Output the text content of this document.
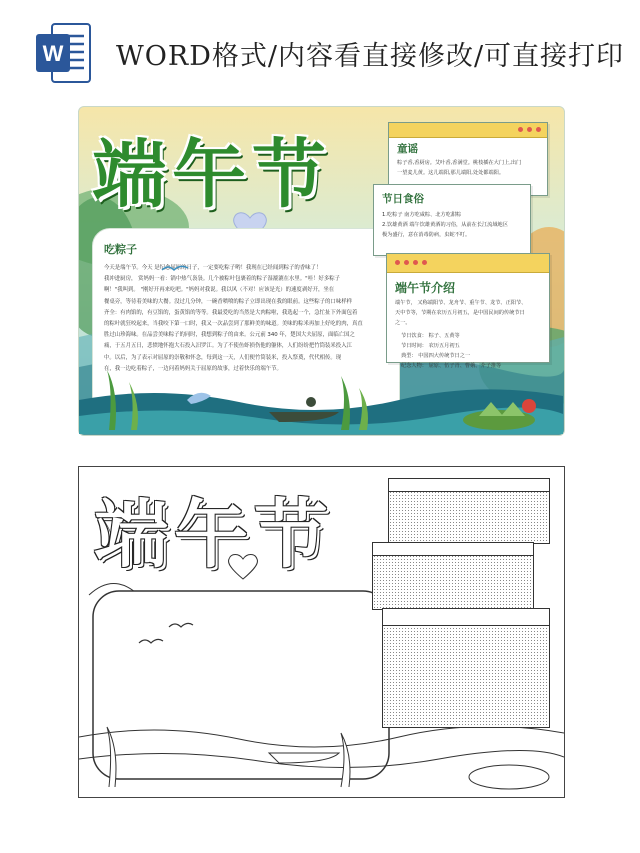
W WORD格式/内容看直接修改/可直接打印
端午节
吃粽子
今天是端午节。今天 是纪念屈原的日子，一定要吃粽子哟！我现在已经闻到粽子的香味了！
我冲进厨房， 赏妈妈一看：锅中热气袅袅。几个被粽叶包裹着的粽子湿漉漉在水里。"哇！好多粽子
啊！"我叫到。 "刚好开再来吃吧。"妈妈对我说。我以风（不对！应该是光）的速度剥好开，坐在
餐桌旁，等待着美味的大餐。没过几分钟，一碗香喷喷的粽子立即出现在我的眼前。这些粽子的口味样样
齐全：有肉馅的，有豆馅的，蛋黄馅的等等。我最爱吃的当然是大肉粽啦，我选起一个，急忙扯下外面包着
的粽叶就狂咬起来，当我咬下第一口时，我又一次品尝到了那鲜美的味道。美味的粽米再加上好吃的肉，真直
胜过山珍海味。在品尝美味粽子的同时，我想到粽子的由来。公元前 340 年，楚国大夫屈原，面临亡国之
痛，于五月五日，悲愤地怀抱大石投入汨罗江。为了不使鱼虾损伤他的躯体，人们纷纷把竹筒装米投入江
中。以后，为了表示对屈原的崇敬和怀念，每到这一天，人们便竹筒装米，投入祭奠，代代相传。现
在，我一边吃着粽子，一边问着妈妈关于屈原的故事，过着快乐的端午节。
童谣
粽子香,香厨房。艾叶香,香满堂。桃枝插在大门上,出门
一望麦儿黄。这儿端阳,那儿端阳,处处都端阳。
节日食俗
1.吃粽子 南方吃咸粽、北方吃甜粽
2.饮雄黄酒 端午饮雄黄酒的习俗，从前在长江流域地区
极为盛行，意在消毒防病，虫蛇不叮。
端午节介绍
端午节， 又称端阳节、龙舟节、重午节、龙节、正阳节、
天中节等，节期在农历五月初五，是中国民间的传统节日
之一。
节日饮食： 粽子、五黄等
节日时间： 农历五月初五
典型： 中国四大传统节日之一
纪念人物： 屈原、伍子胥、曹娥、介子推等
端午节
